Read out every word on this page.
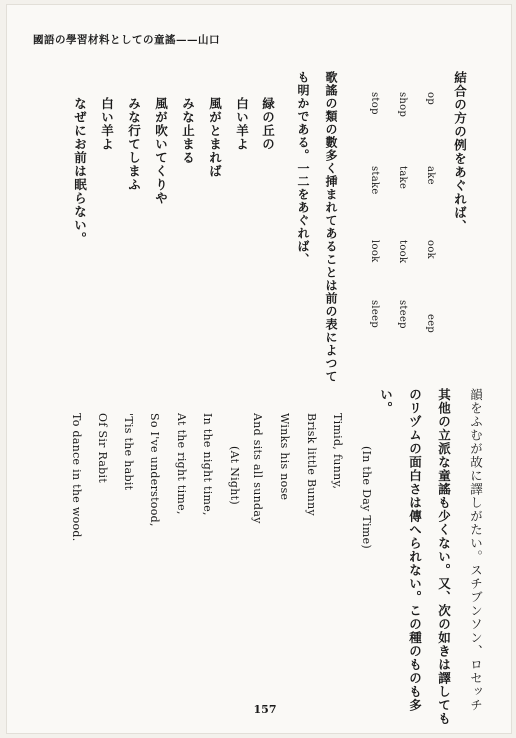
國語の學習材料としての童謠——山口
韻をふむが故に譯しがたい。スチブンソン、ロセッチ
其他の立派な童謠も少くない。又、次の如きは譯しても
のリヅムの面白さは傳へられない。この種のものも多
い。
(In the Day Time)
Timid, funny,
Brisk little Bunny
Winks his nose
And sits all sunday
(At Night)
In the night time,
At the right time,
So I've understood,
'Tis the habit
Of Sir Rabit
To dance in the wood.
結合の方の例をあぐれば、
op
ake
ook
eep
shop
take
took
steep
stop
stake
look
sleep
歌謠の類の數多く挿まれてあることは前の表によつて
も明かである。一二をあぐれば、
緑の丘の
白い羊よ
風がとまれば
みな止まる
風が吹いてくりや
みな行てしまふ
白い羊よ
なぜにお前は眠らない。
157
